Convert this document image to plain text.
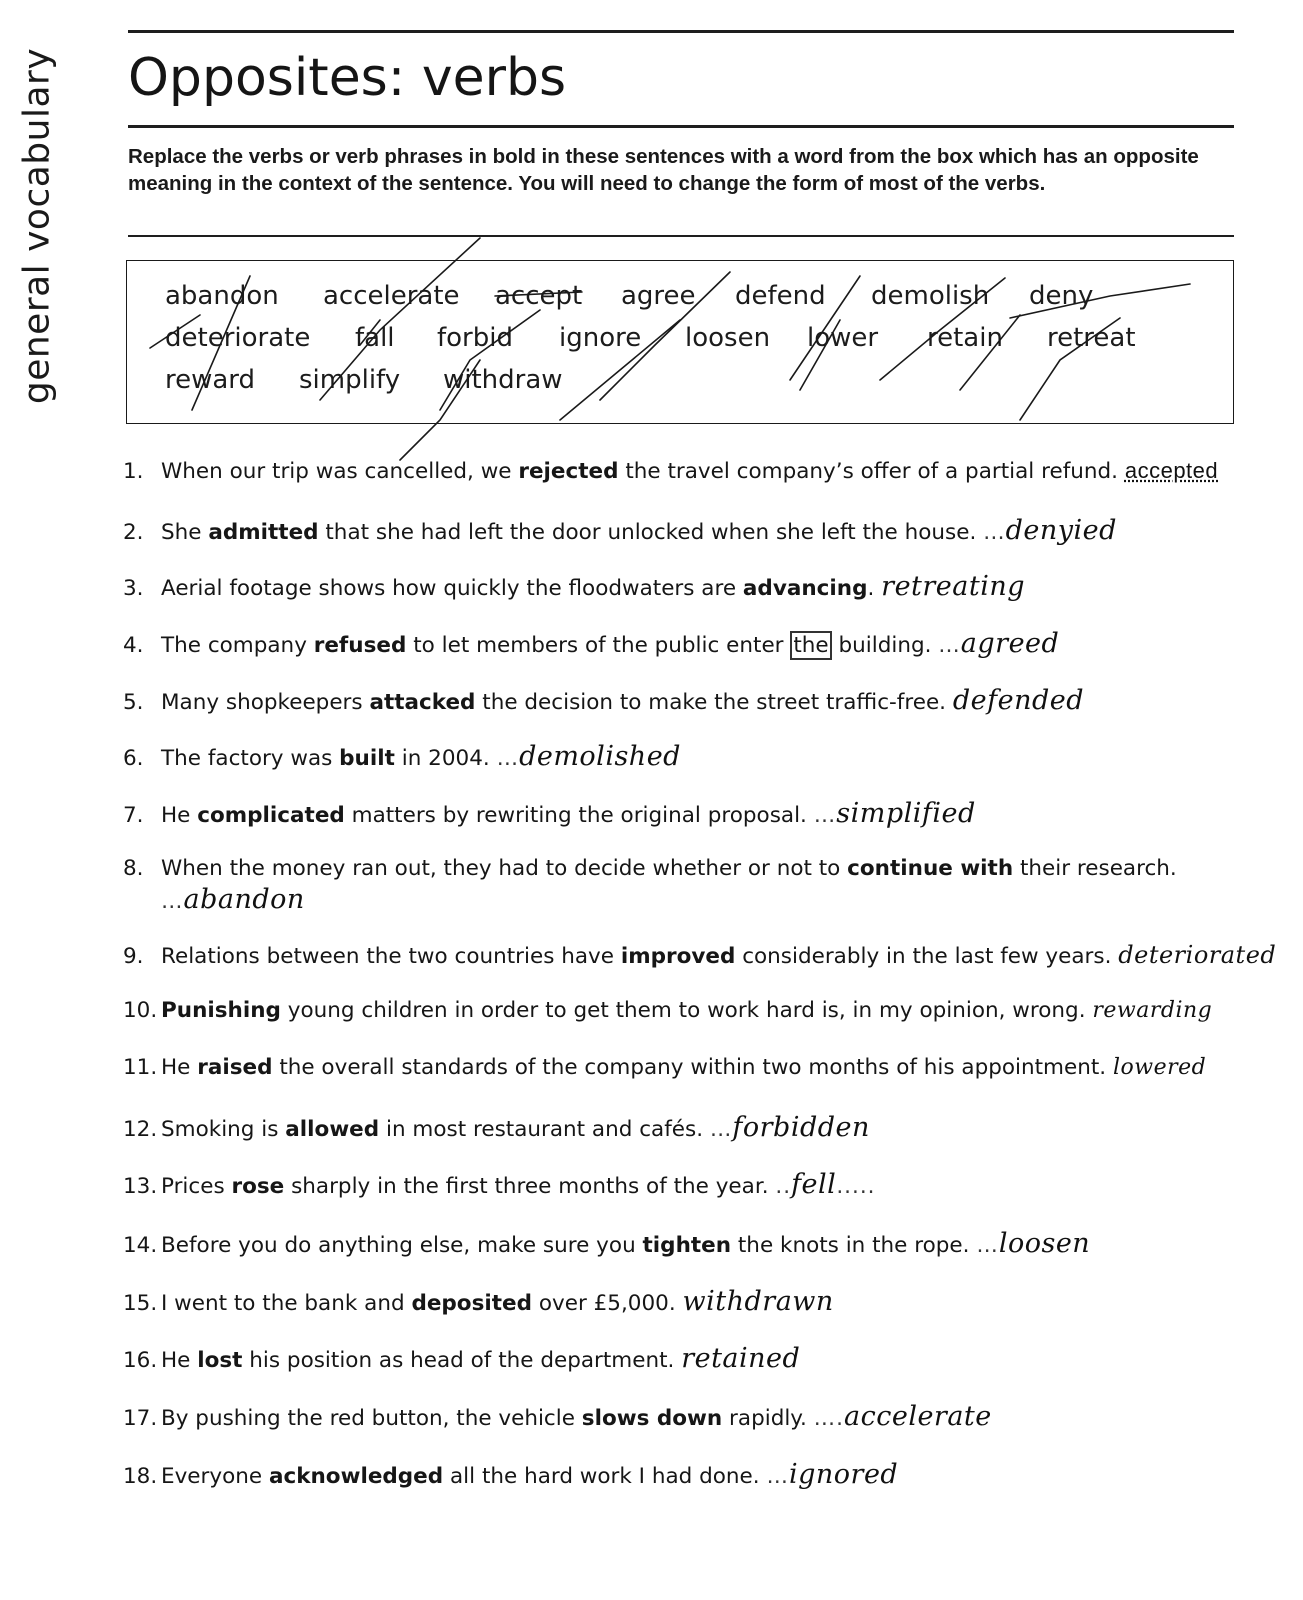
general vocabulary Opposites: verbs

Replace the verbs or verb phrases in bold in these sentences with a word from the box which has an opposite meaning in the context of the sentence. You will need to change the form of most of the verbs.

abandon accelerate accept agree defend demolish deny
deteriorate fall forbid ignore loosen lower retain retreat
reward simplify withdraw
1. When our trip was cancelled, we rejected the travel company’s offer of a partial refund. accepted
2. She admitted that she had left the door unlocked when she left the house. …denyied
3. Aerial footage shows how quickly the floodwaters are advancing. retreating
4. The company refused to let members of the public enter the building. …agreed
5. Many shopkeepers attacked the decision to make the street traffic-free. defended
6. The factory was built in 2004. …demolished
7. He complicated matters by rewriting the original proposal. …simplified
8. When the money ran out, they had to decide whether or not to continue with their research.
…abandon
9. Relations between the two countries have improved considerably in the last few years. deteriorated
10. Punishing young children in order to get them to work hard is, in my opinion, wrong. rewarding
11. He raised the overall standards of the company within two months of his appointment. lowered
12. Smoking is allowed in most restaurant and cafés. …forbidden
13. Prices rose sharply in the first three months of the year. ..fell.....
14. Before you do anything else, make sure you tighten the knots in the rope. …loosen
15. I went to the bank and deposited over £5,000. withdrawn
16. He lost his position as head of the department. retained
17. By pushing the red button, the vehicle slows down rapidly. ….accelerate
18. Everyone acknowledged all the hard work I had done. …ignored
